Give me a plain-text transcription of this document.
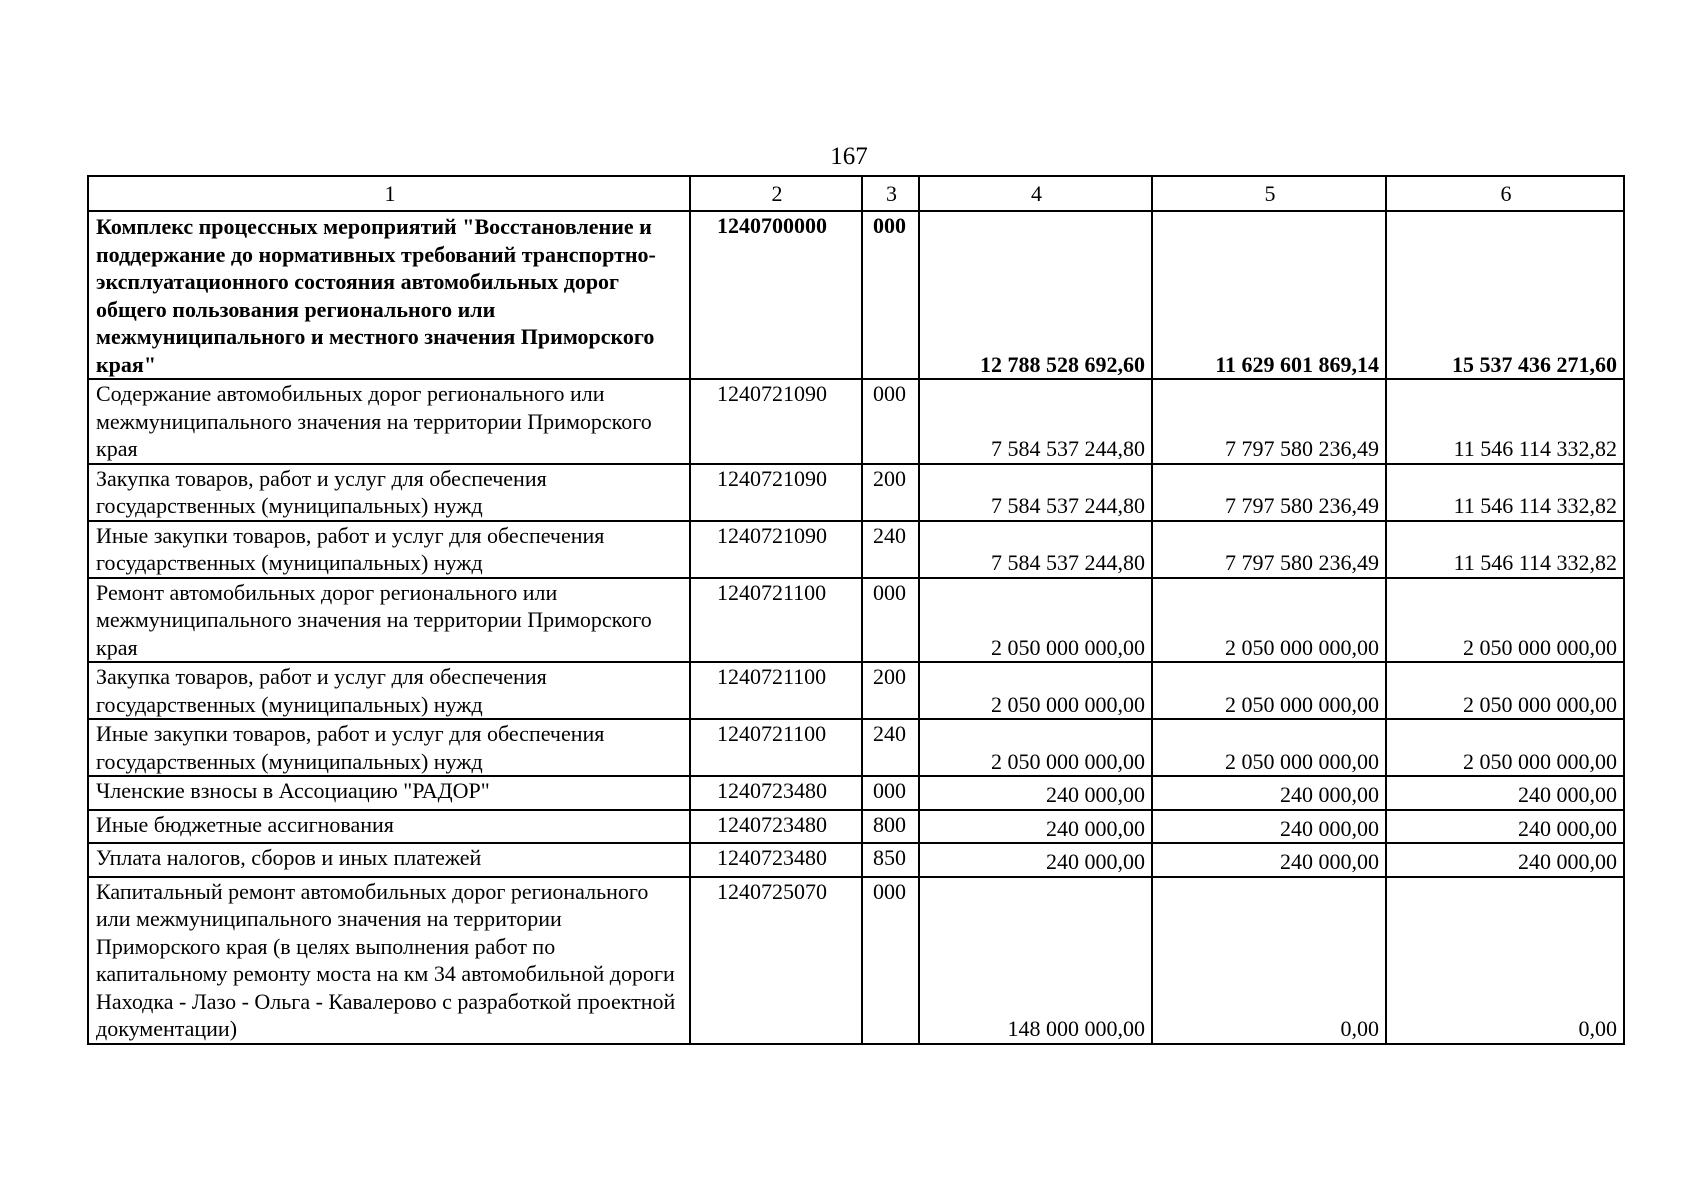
167
1	2	3	4	5	6
Комплекс процессных мероприятий "Восстановление и поддержание до нормативных требований транспортно-эксплуатационного состояния автомобильных дорог общего пользования регионального или межмуниципального и местного значения Приморского края"	1240700000	000	12 788 528 692,60	11 629 601 869,14	15 537 436 271,60
Содержание автомобильных дорог регионального или межмуниципального значения на территории Приморского края	1240721090	000	7 584 537 244,80	7 797 580 236,49	11 546 114 332,82
Закупка товаров, работ и услуг для обеспечения государственных (муниципальных) нужд	1240721090	200	7 584 537 244,80	7 797 580 236,49	11 546 114 332,82
Иные закупки товаров, работ и услуг для обеспечения государственных (муниципальных) нужд	1240721090	240	7 584 537 244,80	7 797 580 236,49	11 546 114 332,82
Ремонт автомобильных дорог регионального или межмуниципального значения на территории Приморского края	1240721100	000	2 050 000 000,00	2 050 000 000,00	2 050 000 000,00
Закупка товаров, работ и услуг для обеспечения государственных (муниципальных) нужд	1240721100	200	2 050 000 000,00	2 050 000 000,00	2 050 000 000,00
Иные закупки товаров, работ и услуг для обеспечения государственных (муниципальных) нужд	1240721100	240	2 050 000 000,00	2 050 000 000,00	2 050 000 000,00
Членские взносы в Ассоциацию "РАДОР"	1240723480	000	240 000,00	240 000,00	240 000,00
Иные бюджетные ассигнования	1240723480	800	240 000,00	240 000,00	240 000,00
Уплата налогов, сборов и иных платежей	1240723480	850	240 000,00	240 000,00	240 000,00
Капитальный ремонт автомобильных дорог регионального или межмуниципального значения на территории Приморского края (в целях выполнения работ по капитальному ремонту моста на км 34 автомобильной дороги Находка - Лазо - Ольга - Кавалерово с разработкой проектной документации)	1240725070	000	148 000 000,00	0,00	0,00
